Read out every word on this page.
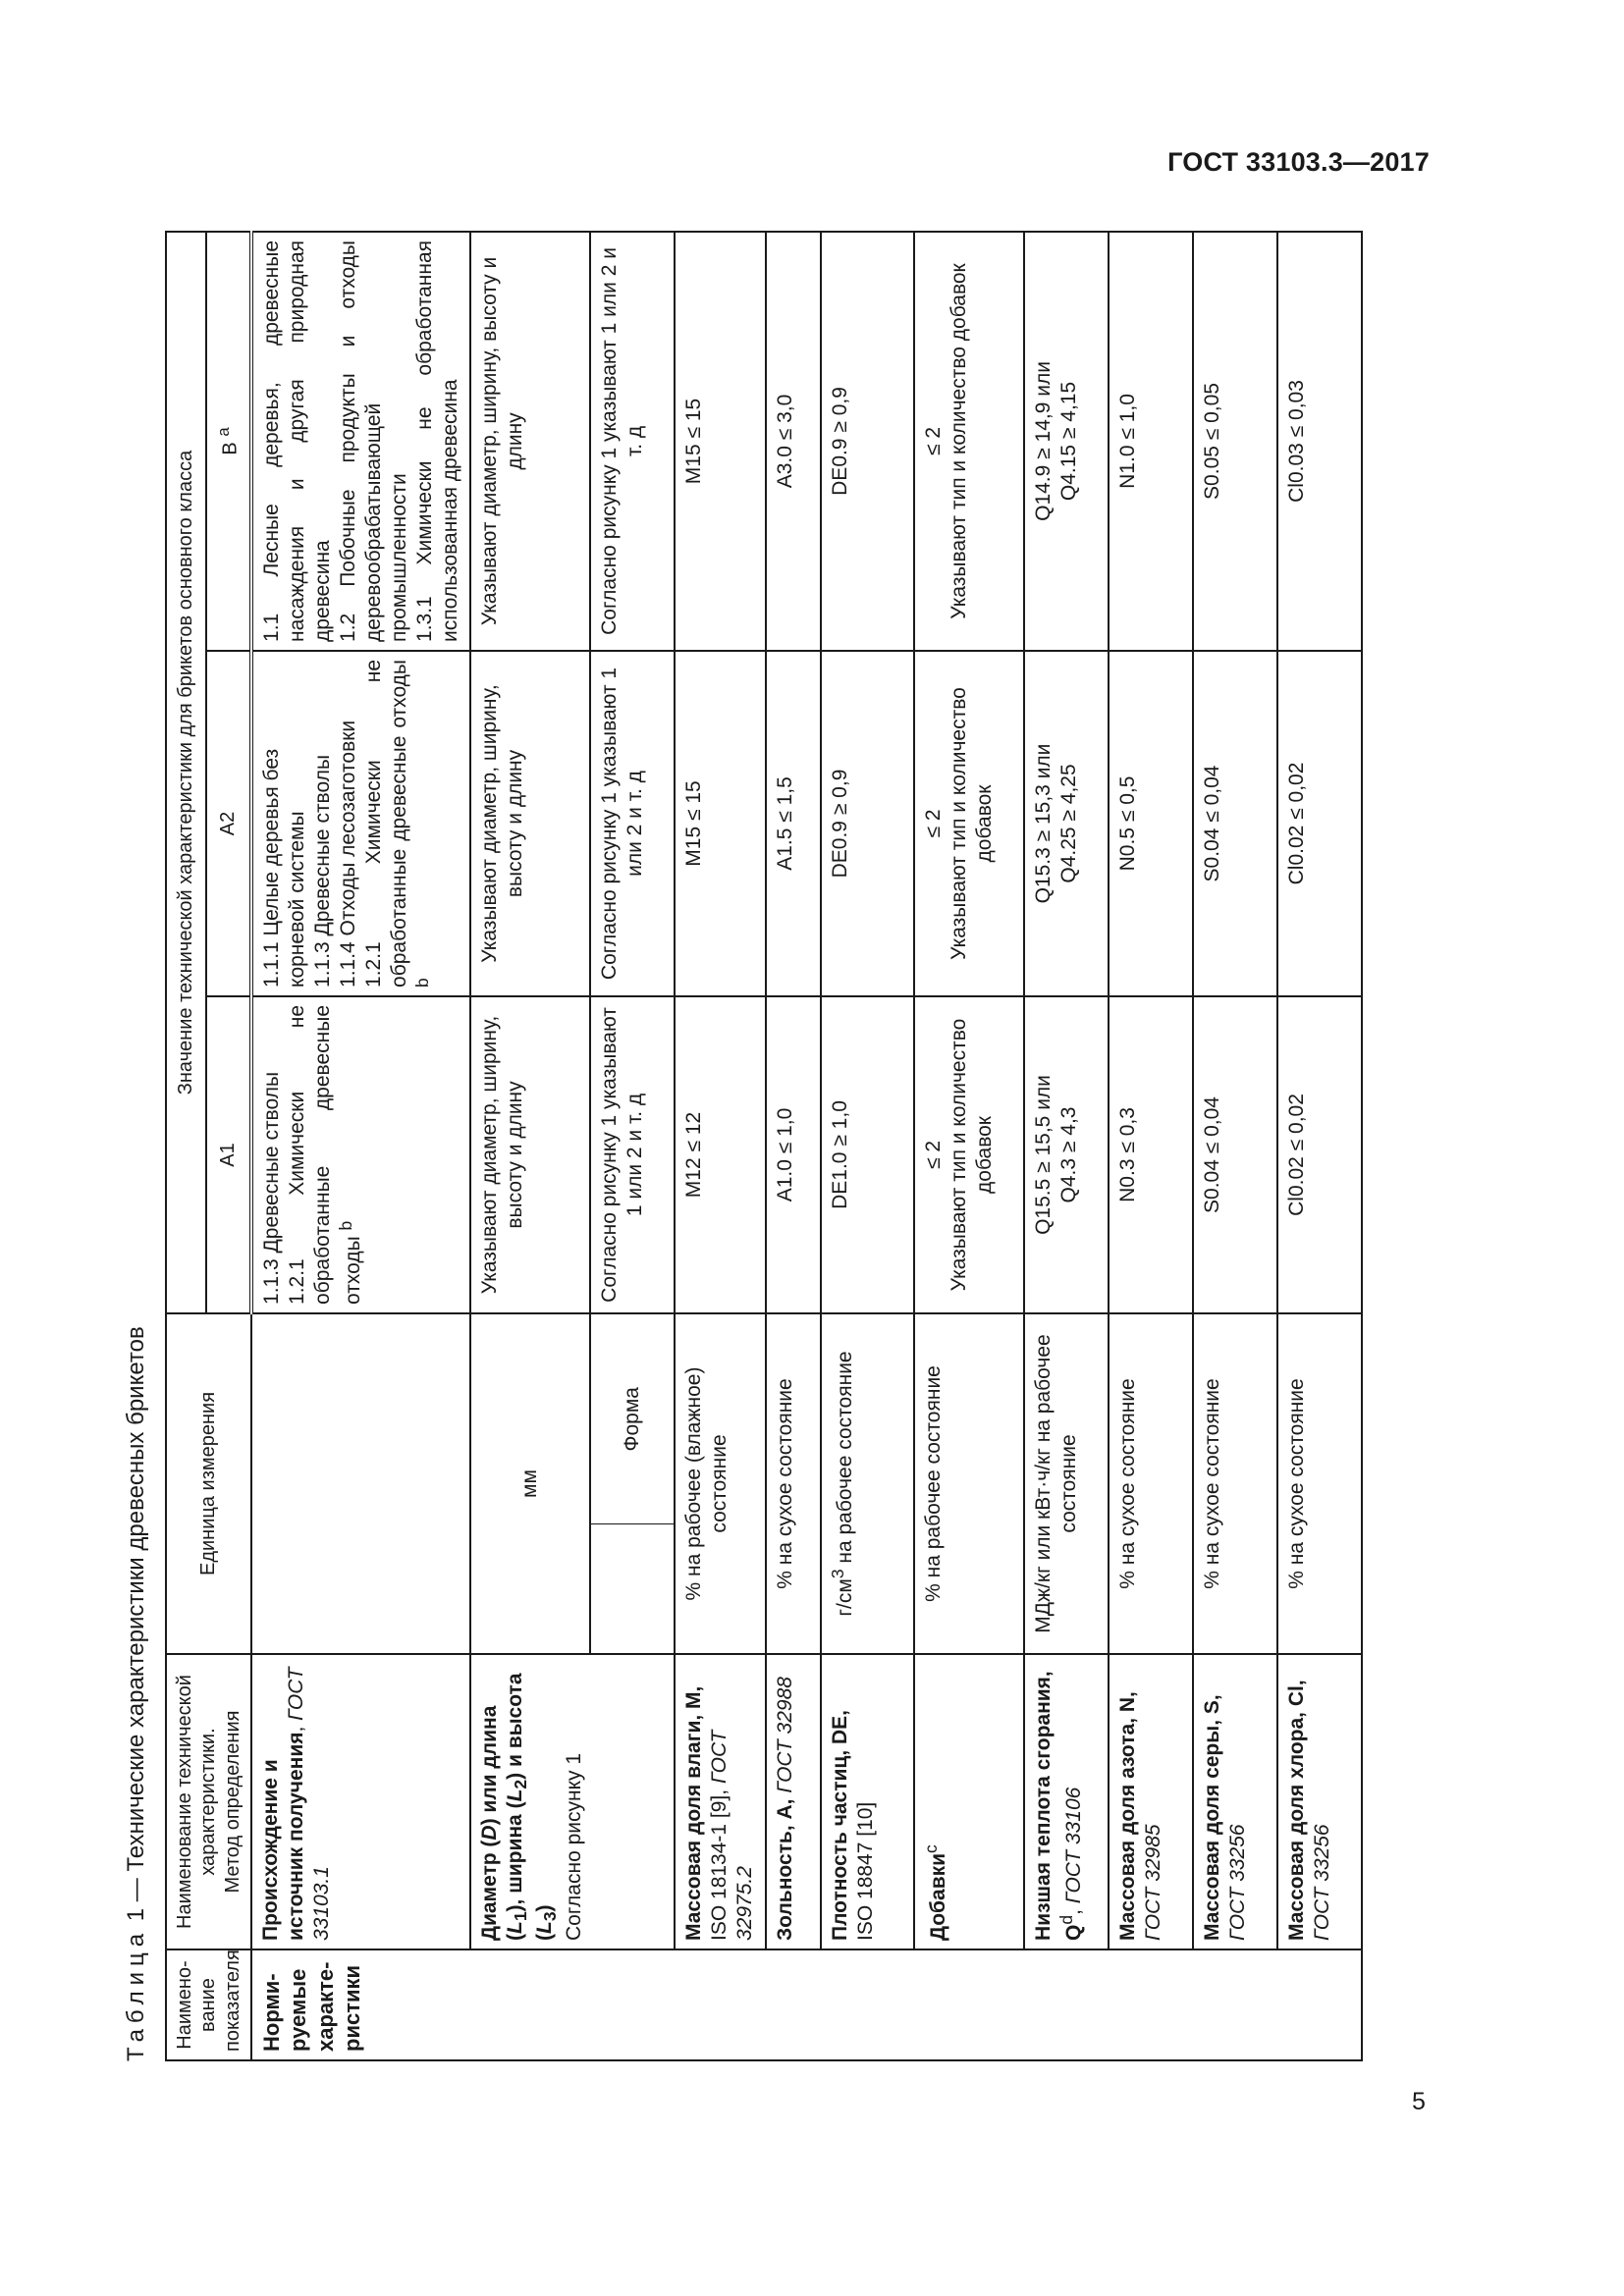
ГОСТ 33103.3—2017
5
Таблица 1 — Технические характеристики древесных брикетов
Наимено-вание показателя	Наименование технической характеристики. Метод определения	Единица измерения		Значение технической характеристики для брикетов основного класса		
				A1	A2	B $^a$
Норми-руемые характе-ристики	Происхождение и источник получения, ГОСТ 33103.1			1.1.3 Древесные стволы 1.2.1 Химически не обработанные древесные отходы $^b$	1.1.1 Целые деревья без корневой системы 1.1.3 Древесные стволы 1.1.4 Отходы лесозаготовки 1.2.1 Химически не обработанные древесные отходы $^b$	1.1 Лесные деревья, древесные насаждения и другая природная древесина 1.2 Побочные продукты и отходы деревообрабатывающей промышленности 1.3.1 Химически не обработанная использованная древесина

	Диаметр (D) или длина $(L_1)$, ширина $(L_2)$ и высота $(L_3)$ Согласно рисунку 1	мм		Указывают диаметр, ширину, высоту и длину	Указывают диаметр, ширину, высоту и длину	Указывают диаметр, ширину, высоту и длину
			Форма	Согласно рисунку 1 указывают 1 или 2 и т. д	Согласно рисунку 1 указывают 1 или 2 и т. д	Согласно рисунку 1 указывают 1 или 2 и т. д
	Массовая доля влаги, M, ISO 18134-1 [9], ГОСТ 32975.2	% на рабочее (влажное) состояние		M12 ≤ 12	M15 ≤ 15	M15 ≤ 15
	Зольность, А, ГОСТ 32988	% на сухое состояние		A1.0 ≤ 1,0	A1.5 ≤ 1,5	A3.0 ≤ 3,0
	Плотность частиц, DE, ISO 18847 [10]	$г/см^3$ на рабочее состояние		DE1.0 ≥ 1,0	DE0.9 ≥ 0,9	DE0.9 ≥ 0,9
	Добавки$^c$	% на рабочее состояние		≤ 2 Указывают тип и количество добавок	≤ 2 Указывают тип и количество добавок	≤ 2 Указывают тип и количество добавок

	Низшая теплота сгорания, $Q^d$, ГОСТ 33106	МДж/кг или кВт·ч/кг на рабочее состояние		Q15.5 ≥ 15,5 или Q4.3 ≥ 4,3	Q15.3 ≥ 15,3 или Q4.25 ≥ 4,25	Q14.9 ≥ 14,9 или Q4.15 ≥ 4,15

	Массовая доля азота, N, ГОСТ 32985	% на сухое состояние		N0.3 ≤ 0,3	N0.5 ≤ 0,5	N1.0 ≤ 1,0
	Массовая доля серы, S, ГОСТ 33256	% на сухое состояние		S0.04 ≤ 0,04	S0.04 ≤ 0,04	S0.05 ≤ 0,05
	Массовая доля хлора, Cl, ГОСТ 33256	% на сухое состояние		Cl0.02 ≤ 0,02	Cl0.02 ≤ 0,02	Cl0.03 ≤ 0,03
